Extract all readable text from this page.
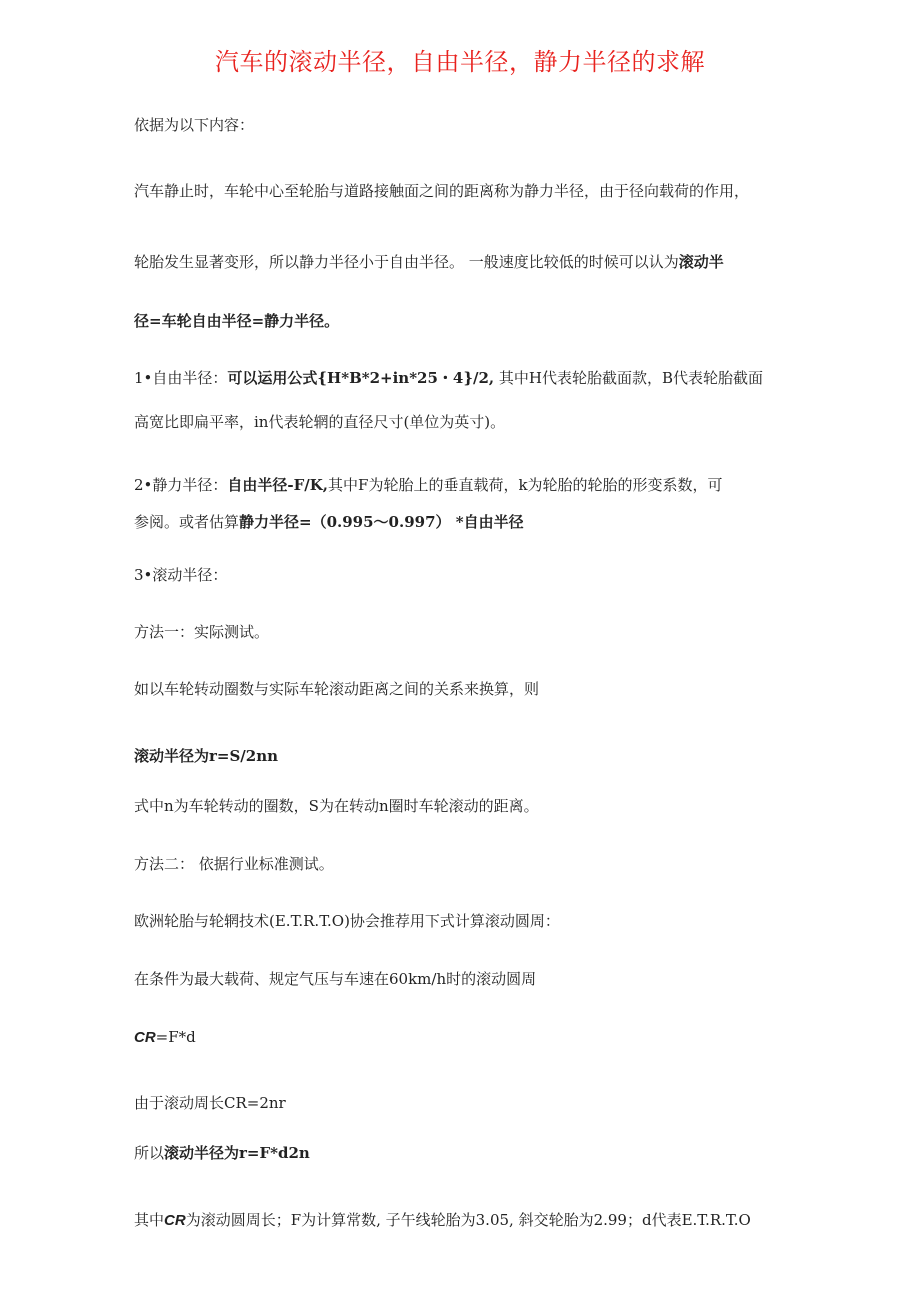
汽车的滚动半径，自由半径，静力半径的求解
依据为以下内容：
汽车静止时，车轮中心至轮胎与道路接触面之间的距离称为静力半径，由于径向载荷的作用，
轮胎发生显著变形，所以静力半径小于自由半径。 一般速度比较低的时候可以认为滚动半
径=车轮自由半径=静力半径。
1•自由半径：可以运用公式{H*B*2+in*25・4}/2, 其中H代表轮胎截面款，B代表轮胎截面
高宽比即扁平率，in代表轮辋的直径尺寸(单位为英寸)。
2•静力半径：自由半径-F/K,其中F为轮胎上的垂直载荷，k为轮胎的轮胎的形变系数，可
参阅。或者估算静力半径=（0.995～0.997） *自由半径
3•滚动半径：
方法一：实际测试。
如以车轮转动圈数与实际车轮滚动距离之间的关系来换算，则
滚动半径为r=S/2nn
式中n为车轮转动的圈数，S为在转动n圈时车轮滚动的距离。
方法二： 依据行业标准测试。
欧洲轮胎与轮辋技术(E.T.R.T.O)协会推荐用下式计算滚动圆周：
在条件为最大载荷、规定气压与车速在60km/h时的滚动圆周
CR=F*d
由于滚动周长CR=2nr
所以滚动半径为r=F*d2n
其中CR为滚动圆周长；F为计算常数, 子午线轮胎为3.05, 斜交轮胎为2.99；d代表E.T.R.T.O
